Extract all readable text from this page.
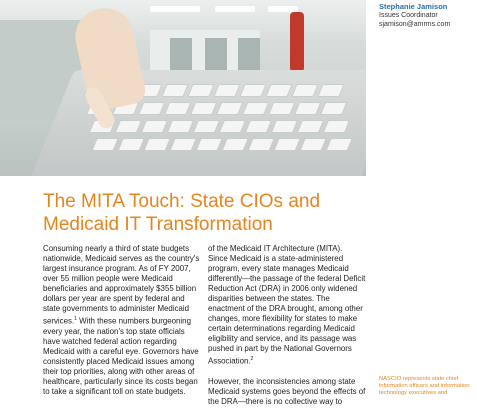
Stephanie Jamison
Issues Coordinator
sjamison@amrms.com
The MITA Touch: State CIOs and
Medicaid IT Transformation

Consuming nearly a third of state budgets nationwide, Medicaid serves as the country's largest insurance program. As of FY 2007, over 55 million people were Medicaid beneficiaries and approximately $355 billion dollars per year are spent by federal and state governments to administer Medicaid services.$^1$ With these numbers burgeoning every year, the nation's top state officials have watched federal action regarding Medicaid with a careful eye. Governors have consistently placed Medicaid issues among their top priorities, along with other areas of healthcare, particularly since its costs began to take a significant toll on state budgets.

of the Medicaid IT Architecture (MITA).

Since Medicaid is a state-administered program, every state manages Medicaid differently—the passage of the federal Deficit Reduction Act (DRA) in 2006 only widened disparities between the states. The enactment of the DRA brought, among other changes, more flexibility for states to make certain determinations regarding Medicaid eligibility and service, and its passage was pushed in part by the National Governors Association.$^2$

However, the inconsistencies among state Medicaid systems goes beyond the effects of the DRA—there is no collective way to

NASCIO represents state chief information officers and information technology executives and
